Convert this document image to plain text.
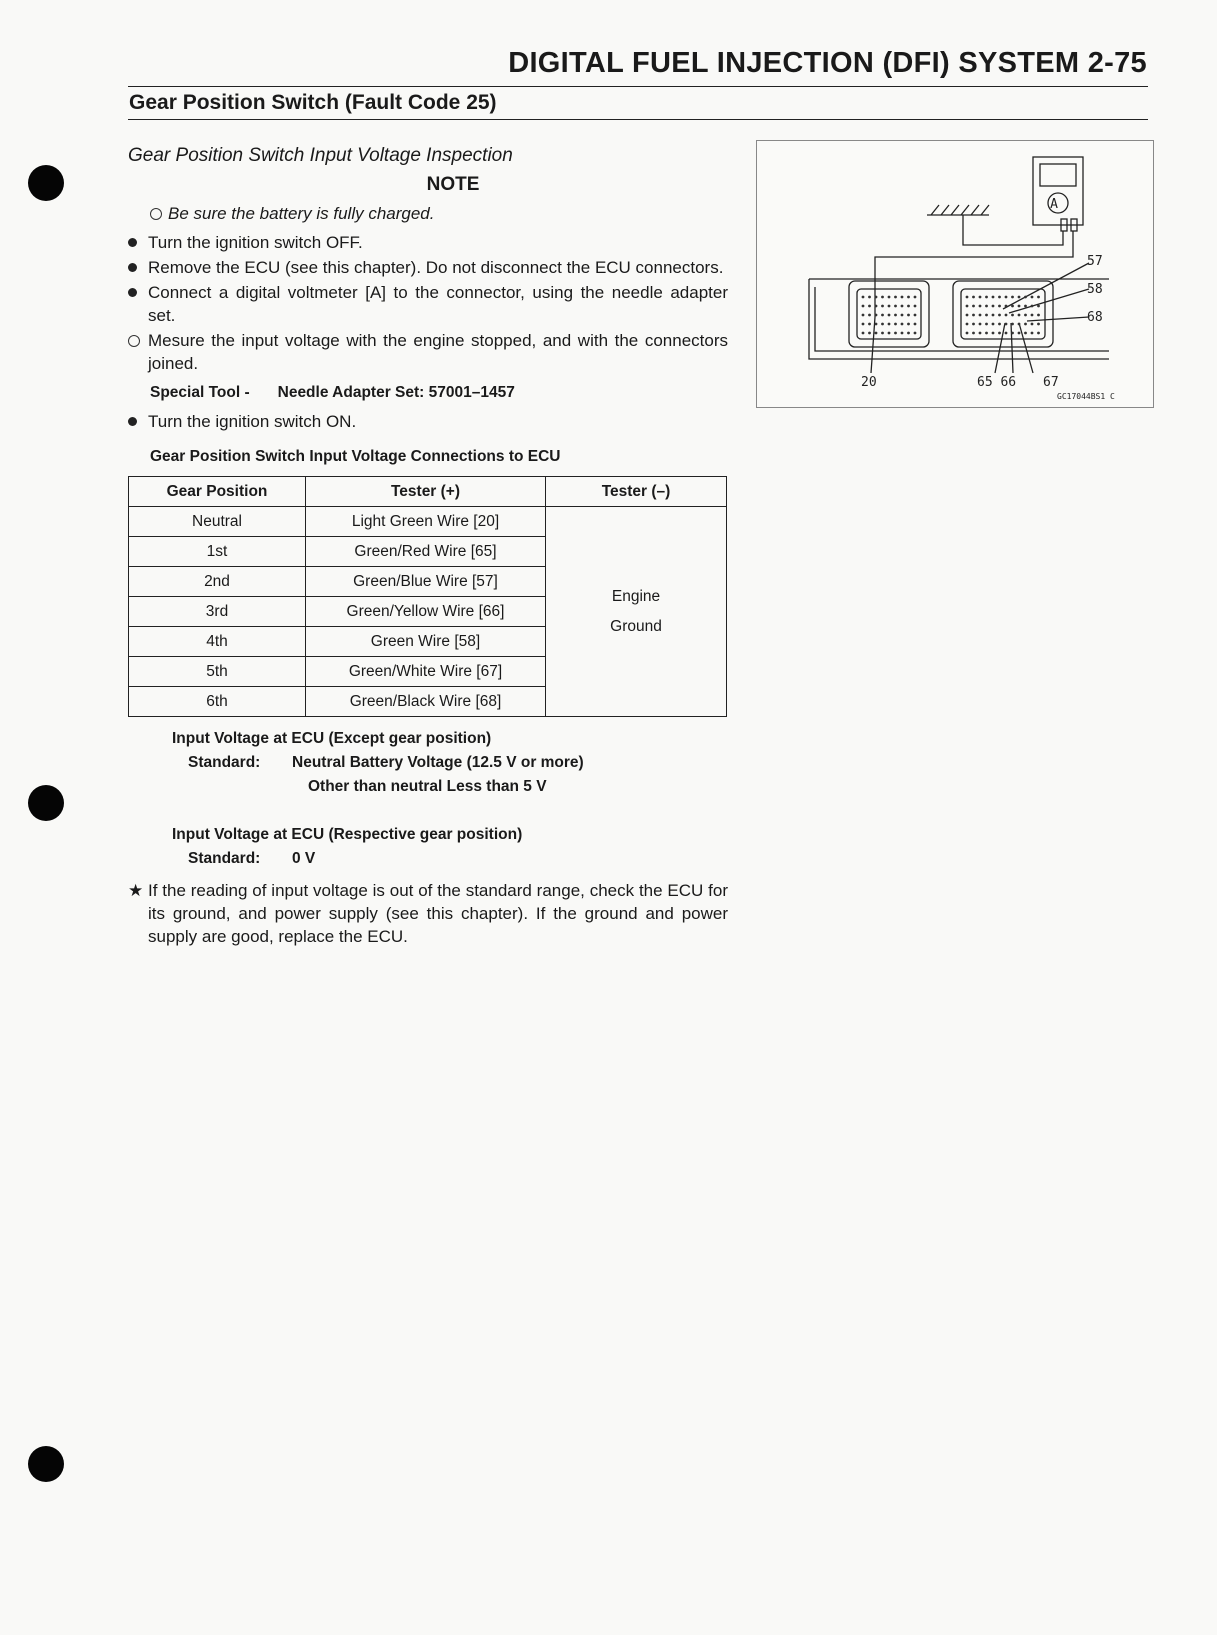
DIGITAL FUEL INJECTION (DFI) SYSTEM 2-75
Gear Position Switch (Fault Code 25)
Gear Position Switch Input Voltage Inspection
NOTE
Be sure the battery is fully charged.
Turn the ignition switch OFF.
Remove the ECU (see this chapter). Do not disconnect the ECU connectors.
Connect a digital voltmeter [A] to the connector, using the needle adapter set.
Mesure the input voltage with the engine stopped, and with the connectors joined.
Special Tool - Needle Adapter Set: 57001–1457
Turn the ignition switch ON.
Gear Position Switch Input Voltage Connections to ECU
Gear Position	Tester (+)	Tester (–)
Neutral	Light Green Wire [20]	Engine
Ground

1st	Green/Red Wire [65]	
2nd	Green/Blue Wire [57]	
3rd	Green/Yellow Wire [66]	
4th	Green Wire [58]	
5th	Green/White Wire [67]	
6th	Green/Black Wire [68]	
Input Voltage at ECU (Except gear position)
Standard: Neutral Battery Voltage (12.5 V or more)
Other than neutral Less than 5 V
Input Voltage at ECU (Respective gear position)
Standard: 0 V
★ If the reading of input voltage is out of the standard range, check the ECU for its ground, and power supply (see this chapter). If the ground and power supply are good, replace the ECU.
A
57
58
68
20	65 66 67
GC17044BS1 C
